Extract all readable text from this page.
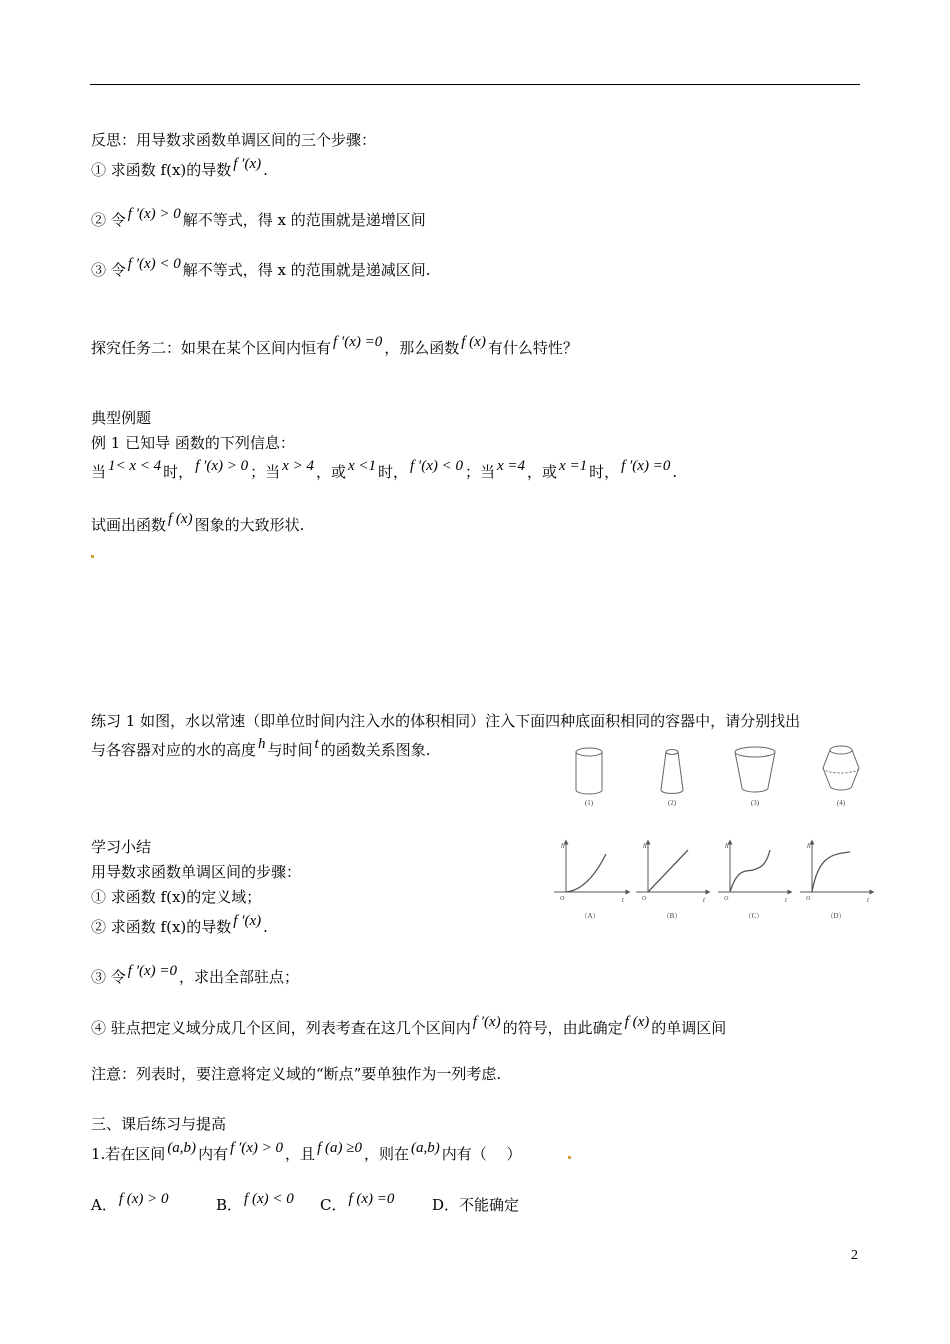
反思：用导数求函数单调区间的三个步骤：
① 求函数 f(x)的导数 f ′(x) .
② 令 f ′(x) > 0 解不等式，得 x 的范围就是递增区间
③ 令 f ′(x) < 0 解不等式，得 x 的范围就是递减区间.
探究任务二：如果在某个区间内恒有 f ′(x) =0 ，那么函数 f (x) 有什么特性？
典型例题
例 1 已知导 函数的下列信息：
当 1< x < 4 时， f ′(x) > 0 ；当 x > 4 ，或 x <1 时， f ′(x) < 0 ；当 x =4 ，或 x =1 时， f ′(x) =0 .
试画出函数 f (x) 图象的大致形状.
练习 1 如图，水以常速（即单位时间内注入水的体积相同）注入下面四种底面积相同的容器中，请分别找出
与各容器对应的水的高度 h 与时间 t 的函数关系图象.
(1)	(2)	(3)	(4)
h
t
O
h
t
O
h
t
O
h
t
O
（A）	（B）	（C）	（D）
学习小结
用导数求函数单调区间的步骤：
① 求函数 f(x)的定义域；
② 求函数 f(x)的导数 f ′(x) .
③ 令 f ′(x) =0 ，求出全部驻点；
④ 驻点把定义域分成几个区间，列表考查在这几个区间内 f ′(x) 的符号，由此确定 f (x) 的单调区间
注意：列表时，要注意将定义域的“断点”要单独作为一列考虑.
三、课后练习与提高
1.若在区间 (a,b) 内有 f ′(x) > 0 ，且 f (a) ≥0 ，则在 (a,b) 内有（　 ）
A． f (x) > 0	B． f (x) < 0 C． f (x) =0	D．不能确定
2
